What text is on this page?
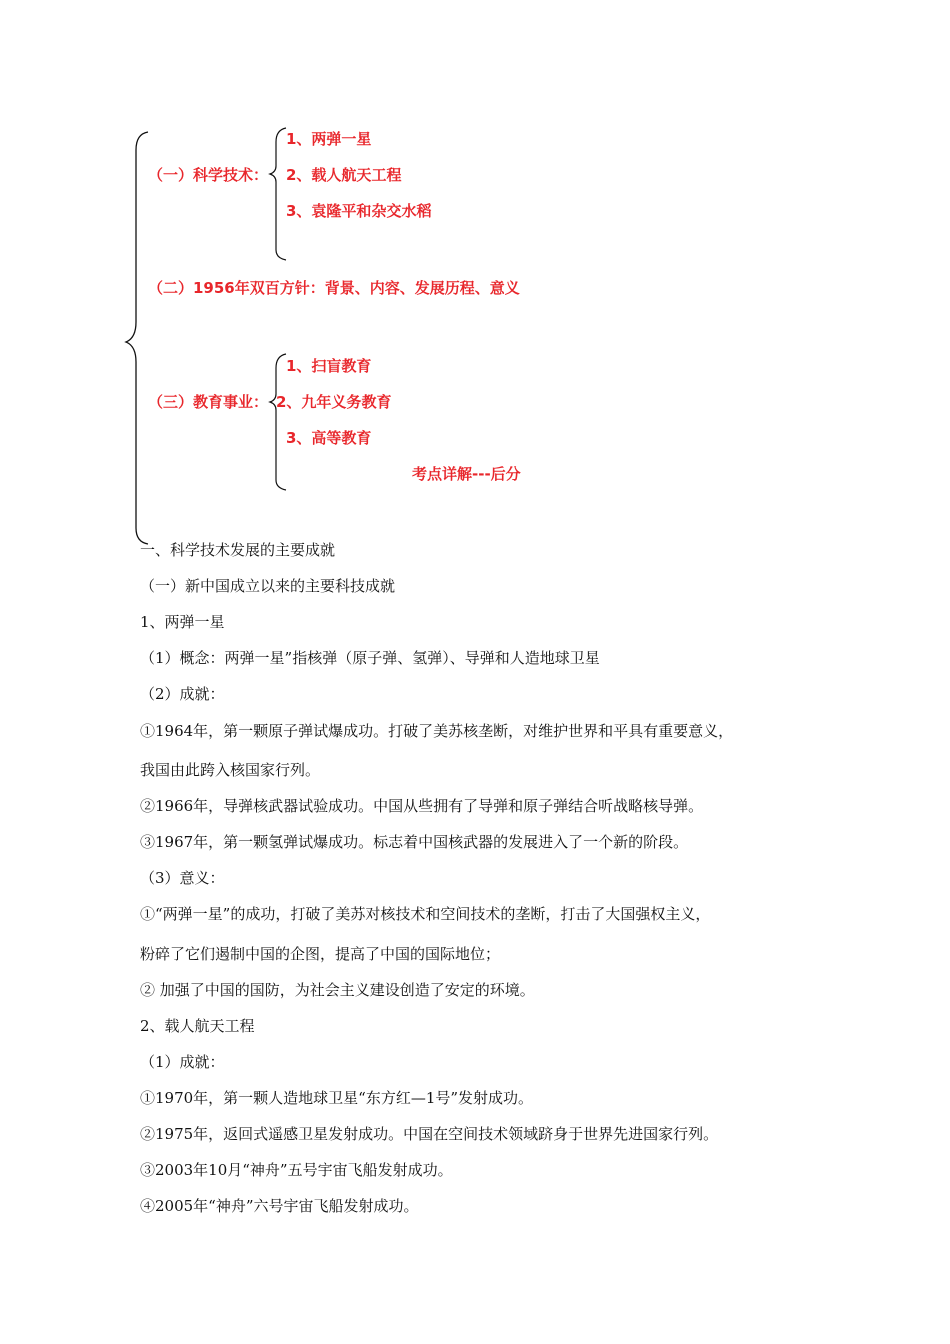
（一）科学技术：
1、两弹一星
2、载人航天工程
3、袁隆平和杂交水稻
（二）1956年双百方针：背景、内容、发展历程、意义
（三）教育事业：
1、扫盲教育
2、九年义务教育
3、高等教育
考点详解---后分
一、科学技术发展的主要成就
（一）新中国成立以来的主要科技成就
1、两弹一星
（1）概念：两弹一星”指核弹（原子弹、氢弹）、导弹和人造地球卫星
（2）成就：
①1964年，第一颗原子弹试爆成功。打破了美苏核垄断，对维护世界和平具有重要意义，
我国由此跨入核国家行列。
②1966年，导弹核武器试验成功。中国从些拥有了导弹和原子弹结合听战略核导弹。
③1967年，第一颗氢弹试爆成功。标志着中国核武器的发展进入了一个新的阶段。
（3）意义：
①“两弹一星”的成功，打破了美苏对核技术和空间技术的垄断，打击了大国强权主义，
粉碎了它们遏制中国的企图，提高了中国的国际地位；
② 加强了中国的国防，为社会主义建设创造了安定的环境。
2、载人航天工程
（1）成就：
①1970年，第一颗人造地球卫星“东方红—1号”发射成功。
②1975年，返回式遥感卫星发射成功。中国在空间技术领域跻身于世界先进国家行列。
③2003年10月“神舟”五号宇宙飞船发射成功。
④2005年“神舟”六号宇宙飞船发射成功。
